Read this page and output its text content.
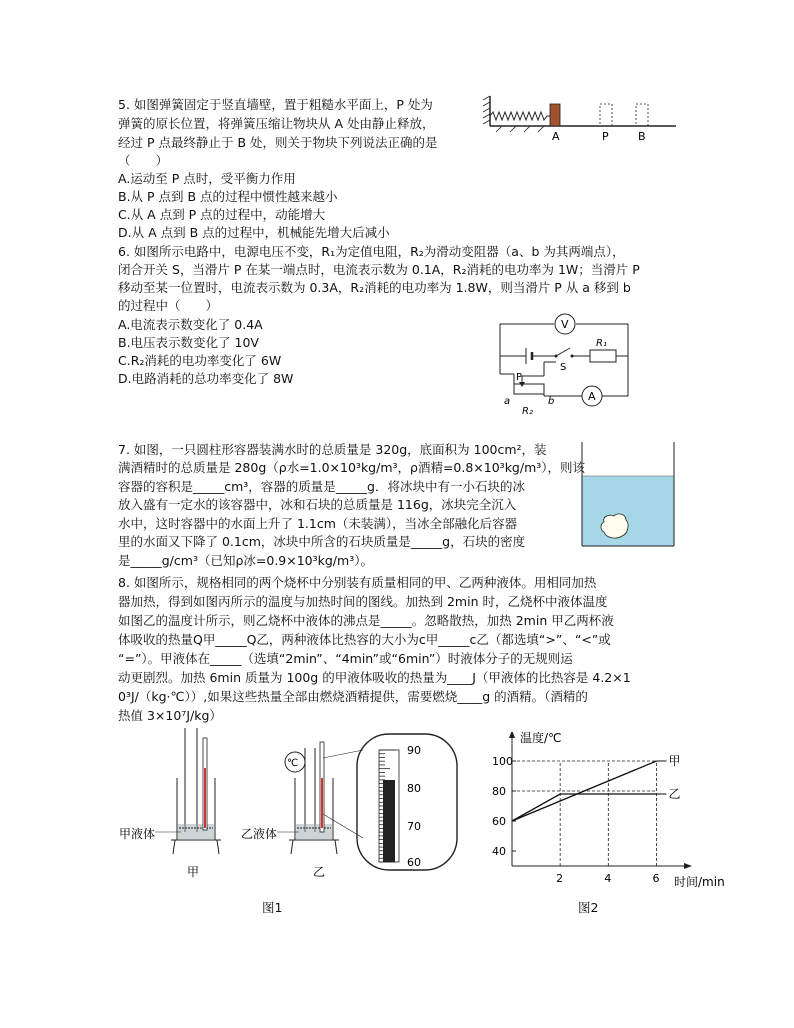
5. 如图弹簧固定于竖直墙壁，置于粗糙水平面上，P 处为
弹簧的原长位置，将弹簧压缩让物块从 A 处由静止释放，
经过 P 点最终静止于 B 处，则关于物块下列说法正确的是
（　　）
A.运动至 P 点时，受平衡力作用
B.从 P 点到 B 点的过程中惯性越来越小
C.从 A 点到 P 点的过程中，动能增大
D.从 A 点到 B 点的过程中，机械能先增大后减小
A	P	B
6. 如图所示电路中，电源电压不变，R₁为定值电阻，R₂为滑动变阻器（a、b 为其两端点），
闭合开关 S，当滑片 P 在某一端点时，电流表示数为 0.1A，R₂消耗的电功率为 1W；当滑片 P
移动至某一位置时，电流表示数为 0.3A，R₂消耗的电功率为 1.8W，则当滑片 P 从 a 移到 b
的过程中（　　）
A.电流表示数变化了 0.4A
B.电压表示数变化了 10V
C.R₂消耗的电功率变化了 6W
D.电路消耗的总功率变化了 8W
V
R₁
S
P
A
a
R₂
b
7. 如图，一只圆柱形容器装满水时的总质量是 320g，底面积为 100cm²，装
满酒精时的总质量是 280g（ρ水=1.0×10³kg/m³，ρ酒精=0.8×10³kg/m³），则该
容器的容积是_____cm³，容器的质量是_____g．将冰块中有一小石块的冰
放入盛有一定水的该容器中，冰和石块的总质量是 116g，冰块完全沉入
水中，这时容器中的水面上升了 1.1cm（未装满），当冰全部融化后容器
里的水面又下降了 0.1cm，冰块中所含的石块质量是_____g，石块的密度
是_____g/cm³（已知ρ冰=0.9×10³kg/m³）。
8. 如图所示，规格相同的两个烧杯中分别装有质量相同的甲、乙两种液体。用相同加热
器加热，得到如图丙所示的温度与加热时间的图线。加热到 2min 时，乙烧杯中液体温度
如图乙的温度计所示，则乙烧杯中液体的沸点是_____。忽略散热，加热 2min 甲乙两杯液
体吸收的热量Q甲_____Q乙，两种液体比热容的大小为c甲_____c乙（都选填“>”、“<”或
“=”）。甲液体在_____（选填“2min”、“4min”或“6min”）时液体分子的无规则运
动更剧烈。加热 6min 质量为 100g 的甲液体吸收的热量为____J（甲液体的比热容是 4.2×1
0³J/（kg·℃））,如果这些热量全部由燃烧酒精提供，需要燃烧____g 的酒精。（酒精的
热值 3×10⁷J/kg）
甲液体
甲
℃
乙液体
乙
90
80
70
60
图1
温度/℃
时间/min
40
60
80
100
2	4	6
甲
乙
图2
